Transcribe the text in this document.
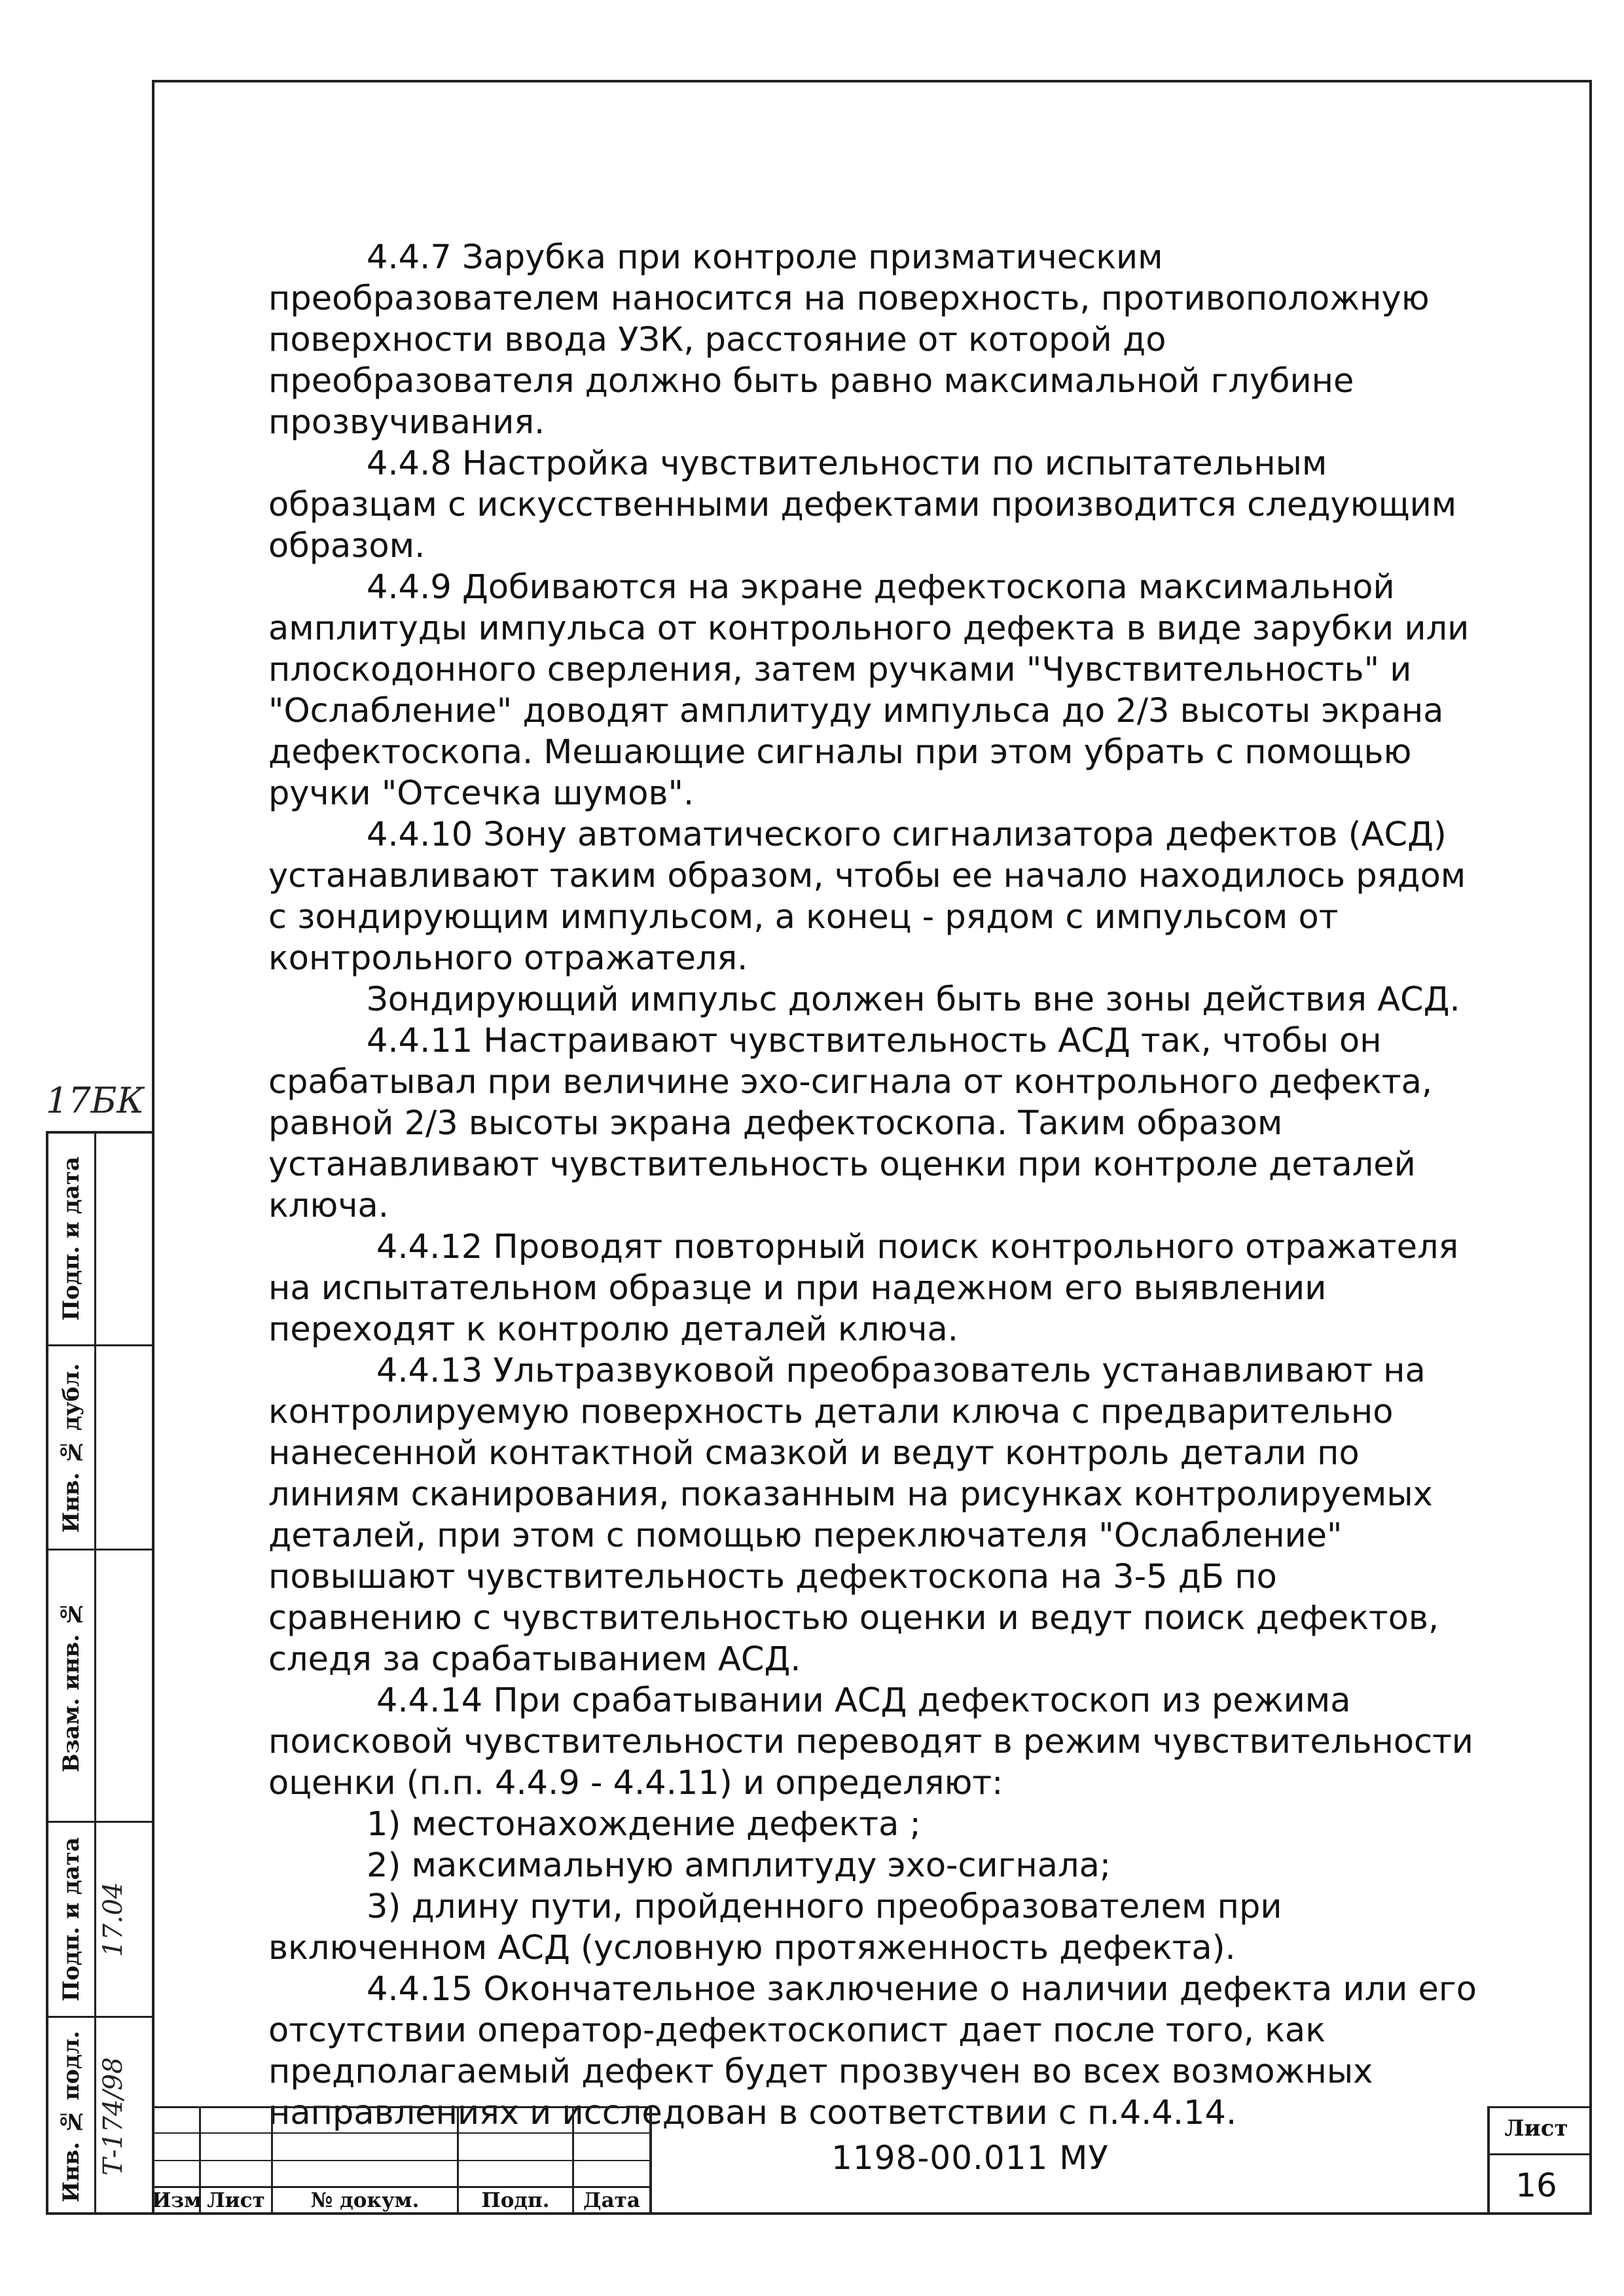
4.4.7 Зарубка при контроле призматическим преобразователем наносится на поверхность, противоположную поверхности ввода УЗК, расстояние от которой до преобразователя должно быть равно максимальной глубине прозвучивания.

4.4.8 Настройка чувствительности по испытательным образцам с искусственными дефектами производится следующим образом.

4.4.9 Добиваются на экране дефектоскопа максимальной амплитуды импульса от контрольного дефекта в виде зарубки или плоскодонного сверления, затем ручками "Чувствительность" и "Ослабление" доводят амплитуду импульса до 2/3 высоты экрана дефектоскопа. Мешающие сигналы при этом убрать с помощью ручки "Отсечка шумов".

4.4.10 Зону автоматического сигнализатора дефектов (АСД) устанавливают таким образом, чтобы ее начало находилось рядом с зондирующим импульсом, а конец - рядом с импульсом от контрольного отражателя.

Зондирующий импульс должен быть вне зоны действия АСД.

4.4.11 Настраивают чувствительность АСД так, чтобы он срабатывал при величине эхо-сигнала от контрольного дефекта, равной 2/3 высоты экрана дефектоскопа. Таким образом устанавливают чувствительность оценки при контроле деталей ключа.

4.4.12 Проводят повторный поиск контрольного отражателя на испытательном образце и при надежном его выявлении переходят к контролю деталей ключа.

4.4.13 Ультразвуковой преобразователь устанавливают на контролируемую поверхность детали ключа с предварительно нанесенной контактной смазкой и ведут контроль детали по линиям сканирования, показанным на рисунках контролируемых деталей, при этом с помощью переключателя "Ослабление" повышают чувствительность дефектоскопа на 3-5 дБ по сравнению с чувствительностью оценки и ведут поиск дефектов, следя за срабатыванием АСД.

4.4.14 При срабатывании АСД дефектоскоп из режима поисковой чувствительности переводят в режим чувствительности оценки (п.п. 4.4.9 - 4.4.11) и определяют:

1) местонахождение дефекта ;

2) максимальную амплитуду эхо-сигнала;

3) длину пути, пройденного преобразователем при включенном АСД (условную протяженность дефекта).

4.4.15 Окончательное заключение о наличии дефекта или его отсутствии оператор-дефектоскопист дает после того, как предполагаемый дефект будет прозвучен во всех возможных направлениях и исследован в соответствии с п.4.4.14.

17БК
Инв. № подл.
Подп. и дата
Взам. инв. №
Инв. № дубл.
Подп. и дата
Т-174/98
17.04
Изм Лист	№ докум.	Подп.	Дата
1198-00.011 МУ
Лист
16
